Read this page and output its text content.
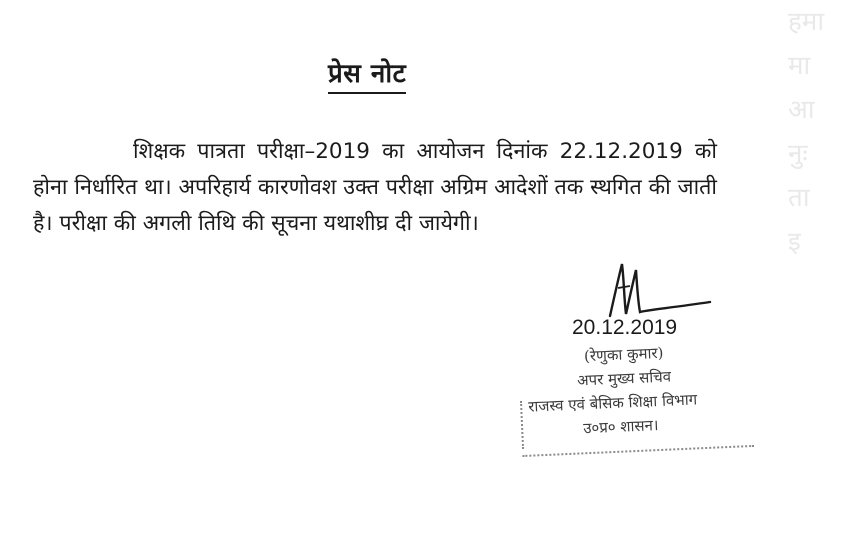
हमा
मा
आ
नुः
ता
इ
प्रेस नोट

शिक्षक पात्रता परीक्षा–2019 का आयोजन दिनांक 22.12.2019 को होना निर्धारित था। अपरिहार्य कारणोवश उक्त परीक्षा अग्रिम आदेशों तक स्थगित की जाती है। परीक्षा की अगली तिथि की सूचना यथाशीघ्र दी जायेगी।

20.12.2019
(रेणुका कुमार)
अपर मुख्य सचिव
राजस्व एवं बेसिक शिक्षा विभाग
उ०प्र० शासन।
